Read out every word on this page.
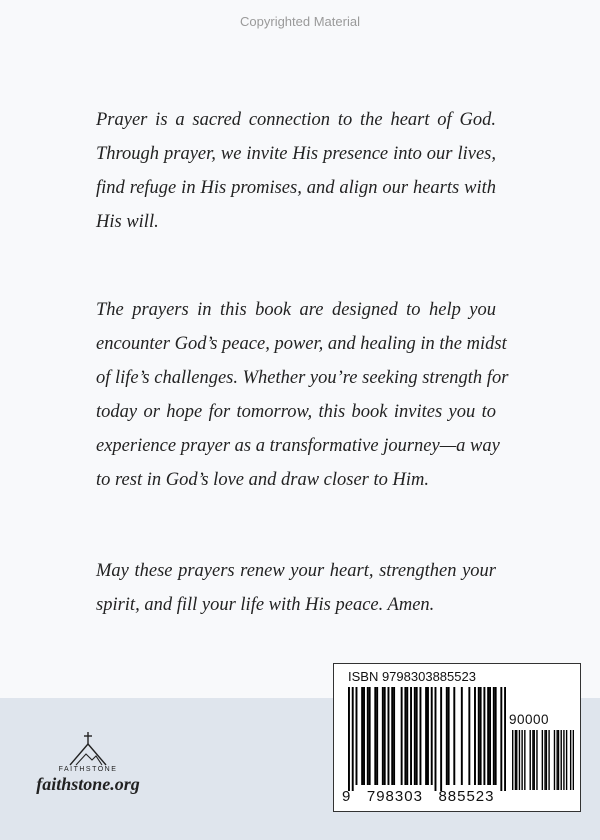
Copyrighted Material
Prayer is a sacred connection to the heart of God.
Through prayer, we invite His presence into our lives,
find refuge in His promises, and align our hearts with
His will.
The prayers in this book are designed to help you
encounter God’s peace, power, and healing in the midst
of life’s challenges. Whether you’re seeking strength for
today or hope for tomorrow, this book invites you to
experience prayer as a transformative journey—a way
to rest in God’s love and draw closer to Him.
May these prayers renew your heart, strengthen your
spirit, and fill your life with His peace. Amen.
FAITHSTONE
faithstone.org
ISBN 9798303885523
90000
9 798303 885523
